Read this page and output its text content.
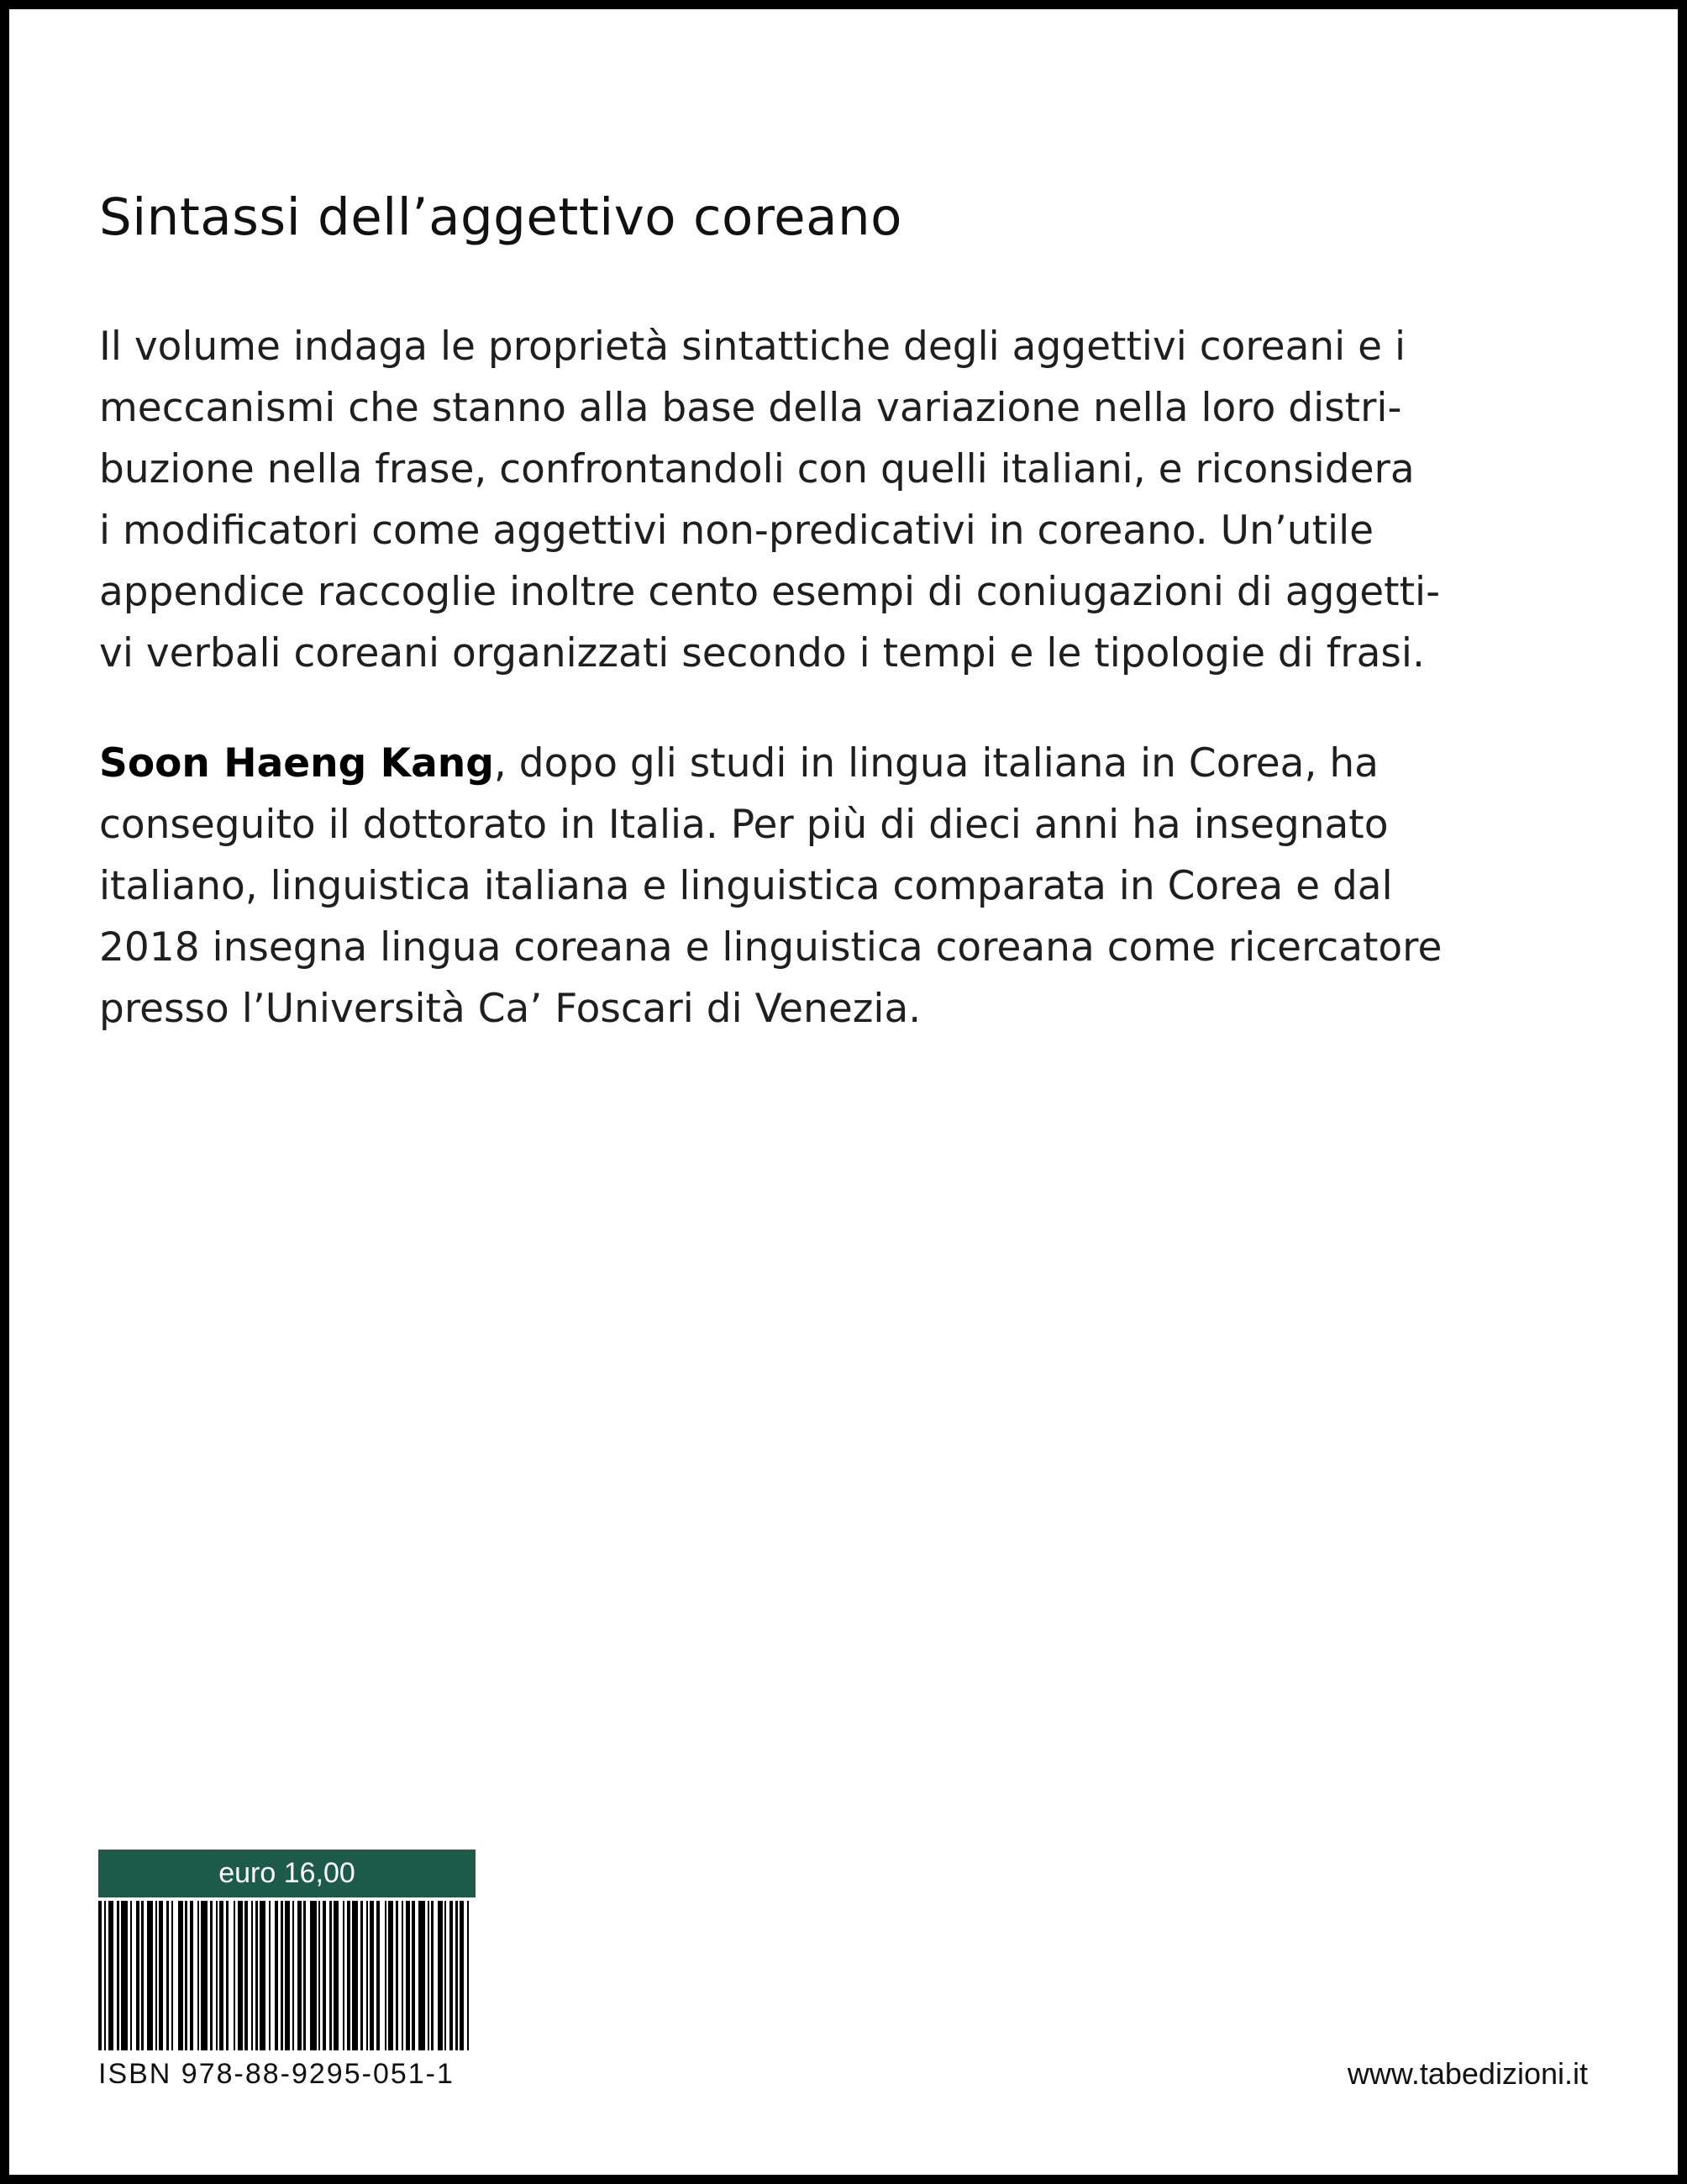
Sintassi dell’aggettivo coreano
Il volume indaga le proprietà sintattiche degli aggettivi coreani e i
meccanismi che stanno alla base della variazione nella loro distri-
buzione nella frase, confrontandoli con quelli italiani, e riconsidera
i modificatori come aggettivi non-predicativi in coreano. Un’utile
appendice raccoglie inoltre cento esempi di coniugazioni di aggetti-
vi verbali coreani organizzati secondo i tempi e le tipologie di frasi.
Soon Haeng Kang, dopo gli studi in lingua italiana in Corea, ha
conseguito il dottorato in Italia. Per più di dieci anni ha insegnato
italiano, linguistica italiana e linguistica comparata in Corea e dal
2018 insegna lingua coreana e linguistica coreana come ricercatore
presso l’Università Ca’ Foscari di Venezia.
euro 16,00
ISBN 978-88-9295-051-1	www.tabedizioni.it
